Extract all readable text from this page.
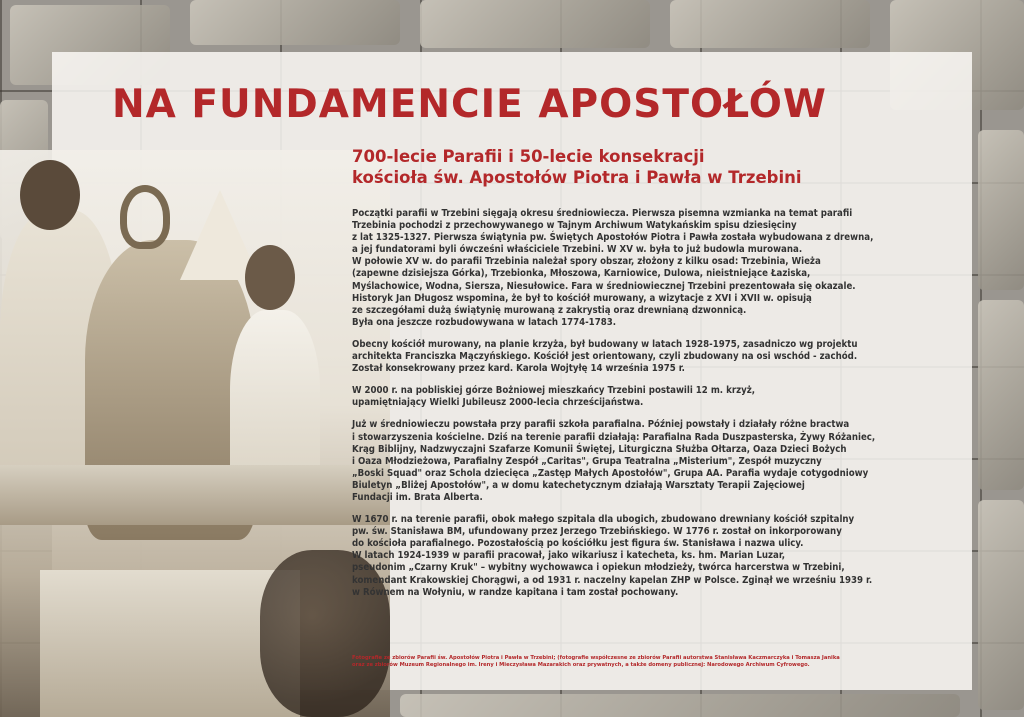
NA FUNDAMENCIE APOSTOŁÓW
700-lecie Parafii i 50-lecie konsekracji
kościoła św. Apostołów Piotra i Pawła w Trzebini

Początki parafii w Trzebini sięgają okresu średniowiecza. Pierwsza pisemna wzmianka na temat parafii
Trzebinia pochodzi z przechowywanego w Tajnym Archiwum Watykańskim spisu dziesięciny
z lat 1325-1327. Pierwsza świątynia pw. Świętych Apostołów Piotra i Pawła została wybudowana z drewna,
a jej fundatorami byli ówcześni właściciele Trzebini. W XV w. była to już budowla murowana.
W połowie XV w. do parafii Trzebinia należał spory obszar, złożony z kilku osad: Trzebinia, Wieża
(zapewne dzisiejsza Górka), Trzebionka, Młoszowa, Karniowice, Dulowa, nieistniejące Łaziska,
Myślachowice, Wodna, Siersza, Niesułowice. Fara w średniowiecznej Trzebini prezentowała się okazale.
Historyk Jan Długosz wspomina, że był to kościół murowany, a wizytacje z XVI i XVII w. opisują
ze szczegółami dużą świątynię murowaną z zakrystią oraz drewnianą dzwonnicą.
Była ona jeszcze rozbudowywana w latach 1774-1783.

Obecny kościół murowany, na planie krzyża, był budowany w latach 1928-1975, zasadniczo wg projektu
architekta Franciszka Mączyńskiego. Kościół jest orientowany, czyli zbudowany na osi wschód - zachód.
Został konsekrowany przez kard. Karola Wojtyłę 14 września 1975 r.

W 2000 r. na pobliskiej górze Bożniowej mieszkańcy Trzebini postawili 12 m. krzyż,
upamiętniający Wielki Jubileusz 2000-lecia chrześcijaństwa.

Już w średniowieczu powstała przy parafii szkoła parafialna. Później powstały i działały różne bractwa
i stowarzyszenia kościelne. Dziś na terenie parafii działają: Parafialna Rada Duszpasterska, Żywy Różaniec,
Krąg Biblijny, Nadzwyczajni Szafarze Komunii Świętej, Liturgiczna Służba Ołtarza, Oaza Dzieci Bożych
i Oaza Młodzieżowa, Parafialny Zespół „Caritas", Grupa Teatralna „Misterium", Zespół muzyczny
„Boski Squad" oraz Schola dziecięca „Zastęp Małych Apostołów", Grupa AA. Parafia wydaje cotygodniowy
Biuletyn „Bliżej Apostołów", a w domu katechetycznym działają Warsztaty Terapii Zajęciowej
Fundacji im. Brata Alberta.

W 1670 r. na terenie parafii, obok małego szpitala dla ubogich, zbudowano drewniany kościół szpitalny
pw. św. Stanisława BM, ufundowany przez Jerzego Trzebińskiego. W 1776 r. został on inkorporowany
do kościoła parafialnego. Pozostałością po kościółku jest figura św. Stanisława i nazwa ulicy.
W latach 1924-1939 w parafii pracował, jako wikariusz i katecheta, ks. hm. Marian Luzar,
pseudonim „Czarny Kruk" – wybitny wychowawca i opiekun młodzieży, twórca harcerstwa w Trzebini,
komendant Krakowskiej Chorągwi, a od 1931 r. naczelny kapelan ZHP w Polsce. Zginął we wrześniu 1939 r.
w Równem na Wołyniu, w randze kapitana i tam został pochowany.

Fotografie ze zbiorów Parafii św. Apostołów Piotra i Pawła w Trzebini; (fotografie współczesne ze zbiorów Parafii autorstwa Stanisława Kaczmarczyka i Tomasza Janika
oraz ze zbiorów Muzeum Regionalnego im. Ireny i Mieczysława Mazarakich oraz prywatnych, a także domeny publicznej: Narodowego Archiwum Cyfrowego.
